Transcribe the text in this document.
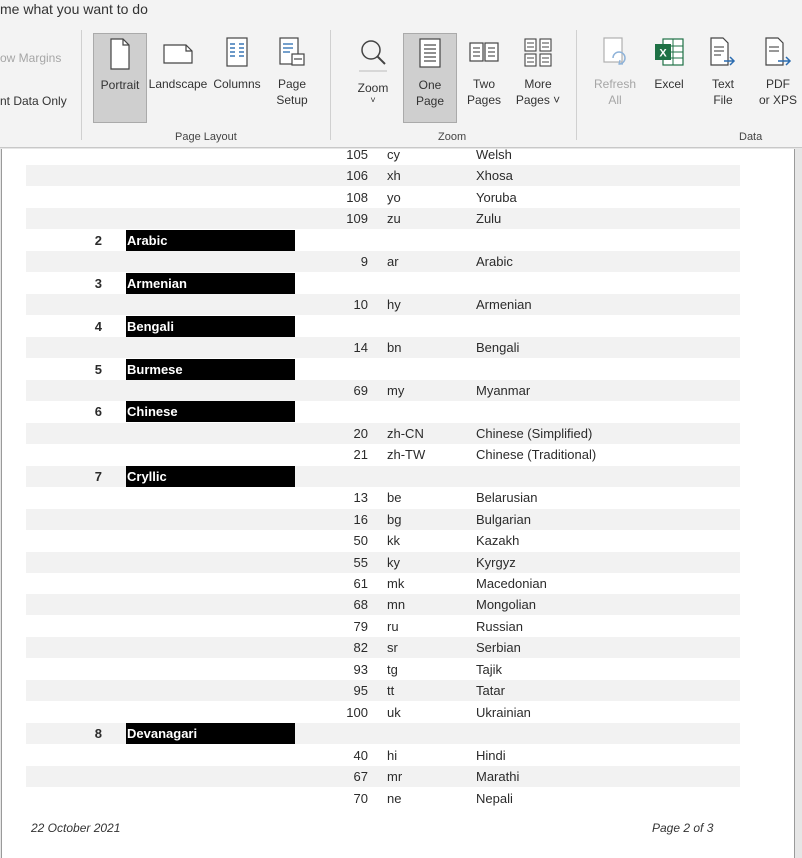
me what you want to do
ow Margins
nt Data Only
Portrait Landscape Columns Page
Setup
Page Layout
Zoom
˅
One
Page
Two
Pages
More
Pages ˅
Zoom
Refresh
All
X
Excel Text
File
PDF
or XPS
Data
105 cy	Welsh
106 xh	Xhosa
108 yo	Yoruba
109 zu	Zulu
2 Arabic
9 ar	Arabic
3 Armenian
10 hy	Armenian
4 Bengali
14 bn	Bengali
5 Burmese
69 my	Myanmar
6 Chinese
20 zh-CN	Chinese (Simplified)
21 zh-TW	Chinese (Traditional)
7 Cryllic
13 be	Belarusian
16 bg	Bulgarian
50 kk	Kazakh
55 ky	Kyrgyz
61 mk	Macedonian
68 mn	Mongolian
79 ru	Russian
82 sr	Serbian
93 tg	Tajik
95 tt	Tatar
100 uk	Ukrainian
8 Devanagari
40 hi	Hindi
67 mr	Marathi
70 ne	Nepali
22 October 2021	Page 2 of 3
